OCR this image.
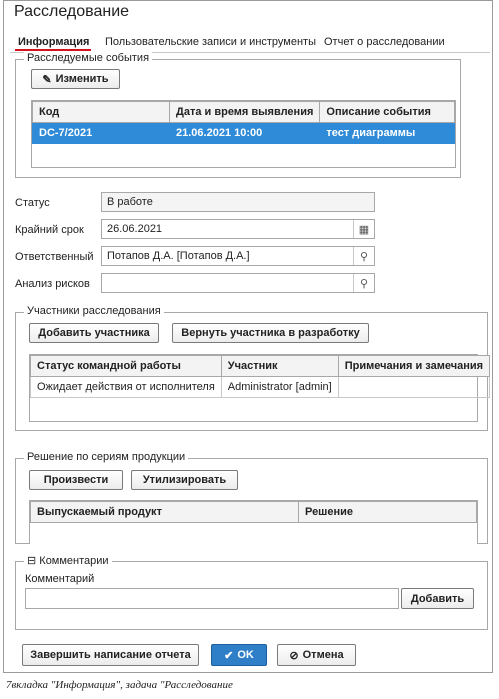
Расследование
Информация Пользовательские записи и инструменты Отчет о расследовании
Расследуемые события
✎ Изменить
Код	Дата и время выявления	Описание события
DC-7/2021	21.06.2021 10:00	тест диаграммы
Статус	В работе
Крайний срок 26.06.2021	▦
Ответственный Потапов Д.А. [Потапов Д.А.]	⚲
Анализ рисков	⚲
Участники расследования
Добавить участника	Вернуть участника в разработку
Статус командной работы	Участник	Примечания и замечания
Ожидает действия от исполнителя	Administrator [admin]	
Решение по сериям продукции
Произвести	Утилизировать
Выпускаемый продукт	Решение
⊟ Комментарии
Комментарий
Добавить
Завершить написание отчета	✔ OK	⊘ Отмена
7вкладка "Информация", задача "Расследование
